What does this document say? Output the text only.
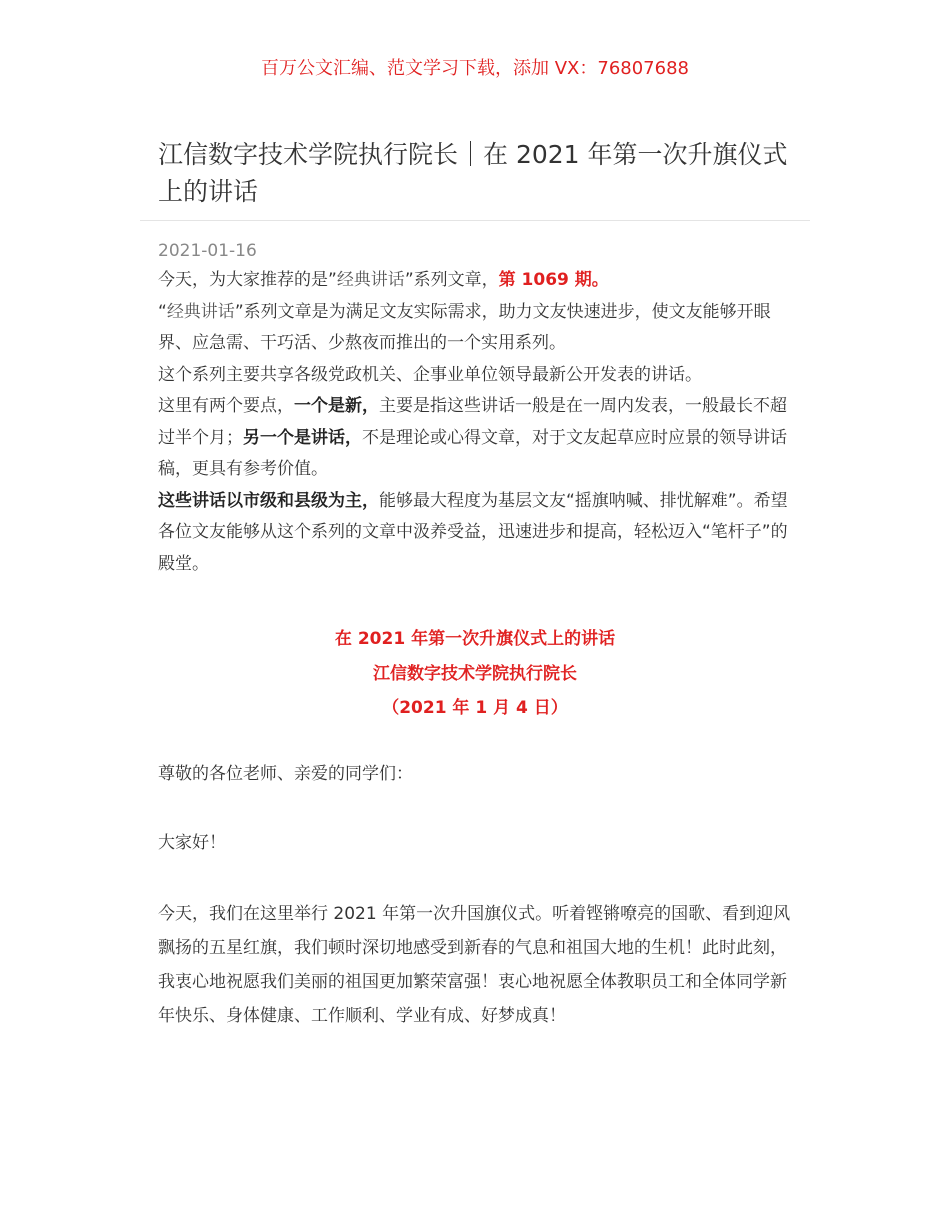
百万公文汇编、范文学习下载，添加 VX：76807688
江信数字技术学院执行院长｜在 2021 年第一次升旗仪式上的讲话
2021-01-16

今天，为大家推荐的是”经典讲话”系列文章，第 1069 期。

“经典讲话”系列文章是为满足文友实际需求，助力文友快速进步，使文友能够开眼界、应急需、干巧活、少熬夜而推出的一个实用系列。

这个系列主要共享各级党政机关、企事业单位领导最新公开发表的讲话。

这里有两个要点，一个是新，主要是指这些讲话一般是在一周内发表，一般最长不超过半个月；另一个是讲话，不是理论或心得文章，对于文友起草应时应景的领导讲话稿，更具有参考价值。

这些讲话以市级和县级为主，能够最大程度为基层文友“摇旗呐喊、排忧解难”。希望各位文友能够从这个系列的文章中汲养受益，迅速进步和提高，轻松迈入“笔杆子”的殿堂。

在 2021 年第一次升旗仪式上的讲话
江信数字技术学院执行院长
（2021 年 1 月 4 日）

尊敬的各位老师、亲爱的同学们：

大家好！

今天，我们在这里举行 2021 年第一次升国旗仪式。听着铿锵嘹亮的国歌、看到迎风飘扬的五星红旗，我们顿时深切地感受到新春的气息和祖国大地的生机！此时此刻，我衷心地祝愿我们美丽的祖国更加繁荣富强！衷心地祝愿全体教职员工和全体同学新年快乐、身体健康、工作顺利、学业有成、好梦成真！
